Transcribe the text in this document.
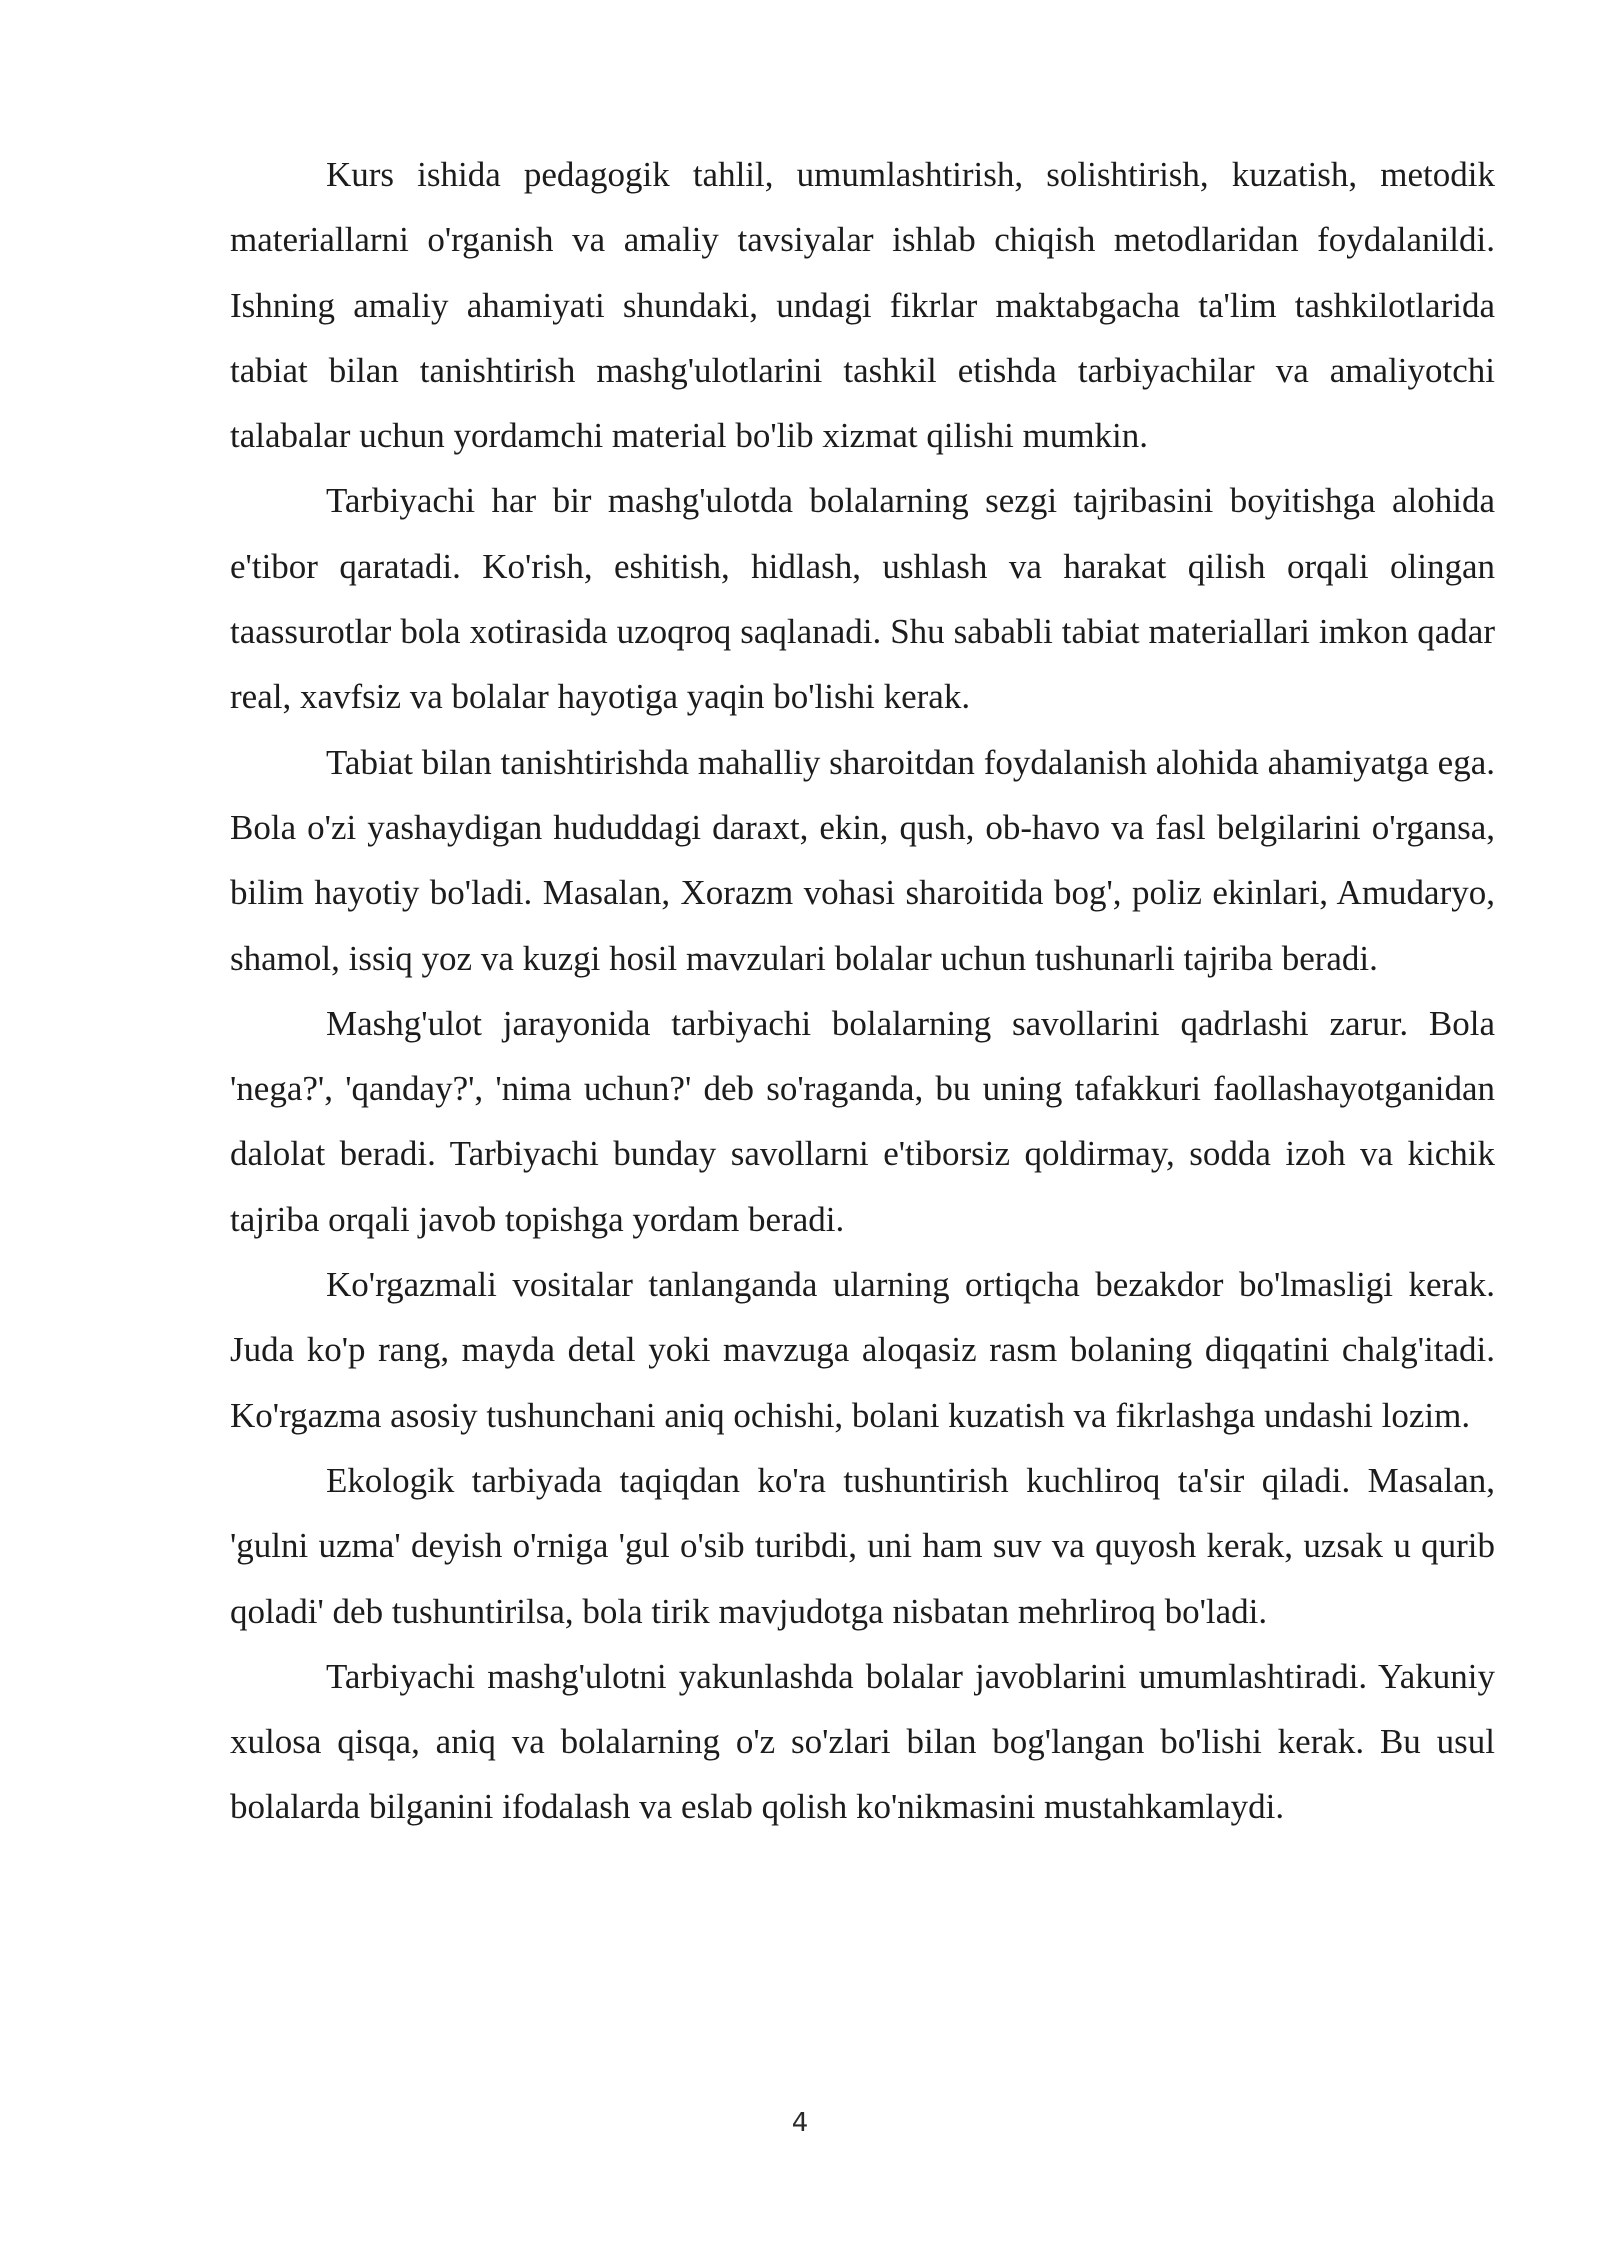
Kurs ishida pedagogik tahlil, umumlashtirish, solishtirish, kuzatish, metodik materiallarni o'rganish va amaliy tavsiyalar ishlab chiqish metodlaridan foydalanildi. Ishning amaliy ahamiyati shundaki, undagi fikrlar maktabgacha ta'lim tashkilotlarida tabiat bilan tanishtirish mashg'ulotlarini tashkil etishda tarbiyachilar va amaliyotchi talabalar uchun yordamchi material bo'lib xizmat qilishi mumkin.

Tarbiyachi har bir mashg'ulotda bolalarning sezgi tajribasini boyitishga alohida e'tibor qaratadi. Ko'rish, eshitish, hidlash, ushlash va harakat qilish orqali olingan taassurotlar bola xotirasida uzoqroq saqlanadi. Shu sababli tabiat materiallari imkon qadar real, xavfsiz va bolalar hayotiga yaqin bo'lishi kerak.

Tabiat bilan tanishtirishda mahalliy sharoitdan foydalanish alohida ahamiyatga ega. Bola o'zi yashaydigan hududdagi daraxt, ekin, qush, ob-havo va fasl belgilarini o'rgansa, bilim hayotiy bo'ladi. Masalan, Xorazm vohasi sharoitida bog', poliz ekinlari, Amudaryo, shamol, issiq yoz va kuzgi hosil mavzulari bolalar uchun tushunarli tajriba beradi.

Mashg'ulot jarayonida tarbiyachi bolalarning savollarini qadrlashi zarur. Bola 'nega?', 'qanday?', 'nima uchun?' deb so'raganda, bu uning tafakkuri faollashayotganidan dalolat beradi. Tarbiyachi bunday savollarni e'tiborsiz qoldirmay, sodda izoh va kichik tajriba orqali javob topishga yordam beradi.

Ko'rgazmali vositalar tanlanganda ularning ortiqcha bezakdor bo'lmasligi kerak. Juda ko'p rang, mayda detal yoki mavzuga aloqasiz rasm bolaning diqqatini chalg'itadi. Ko'rgazma asosiy tushunchani aniq ochishi, bolani kuzatish va fikrlashga undashi lozim.

Ekologik tarbiyada taqiqdan ko'ra tushuntirish kuchliroq ta'sir qiladi. Masalan, 'gulni uzma' deyish o'rniga 'gul o'sib turibdi, uni ham suv va quyosh kerak, uzsak u qurib qoladi' deb tushuntirilsa, bola tirik mavjudotga nisbatan mehrliroq bo'ladi.

Tarbiyachi mashg'ulotni yakunlashda bolalar javoblarini umumlashtiradi. Yakuniy xulosa qisqa, aniq va bolalarning o'z so'zlari bilan bog'langan bo'lishi kerak. Bu usul bolalarda bilganini ifodalash va eslab qolish ko'nikmasini mustahkamlaydi.

4
